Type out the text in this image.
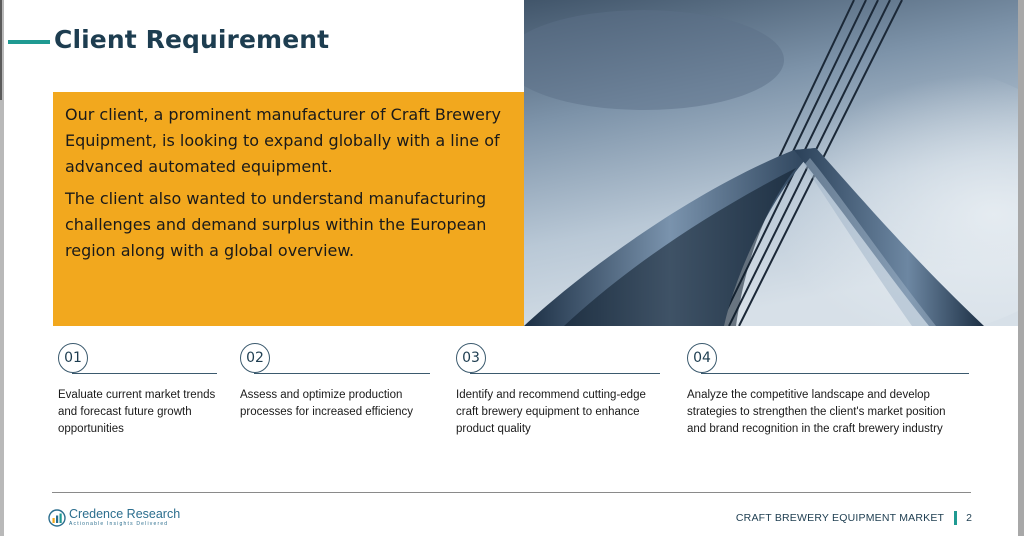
Client Requirement

Our client, a prominent manufacturer of Craft Brewery Equipment, is looking to expand globally with a line of advanced automated equipment.

The client also wanted to understand manufacturing challenges and demand surplus within the European region along with a global overview.

01

Evaluate current market trends and forecast future growth opportunities

02

Assess and optimize production processes for increased efficiency

03

Identify and recommend cutting-edge craft brewery equipment to enhance product quality

04

Analyze the competitive landscape and develop strategies to strengthen the client's market position and brand recognition in the craft brewery industry

Credence Research
Actionable Insights Delivered	CRAFT BREWERY EQUIPMENT MARKET 2
